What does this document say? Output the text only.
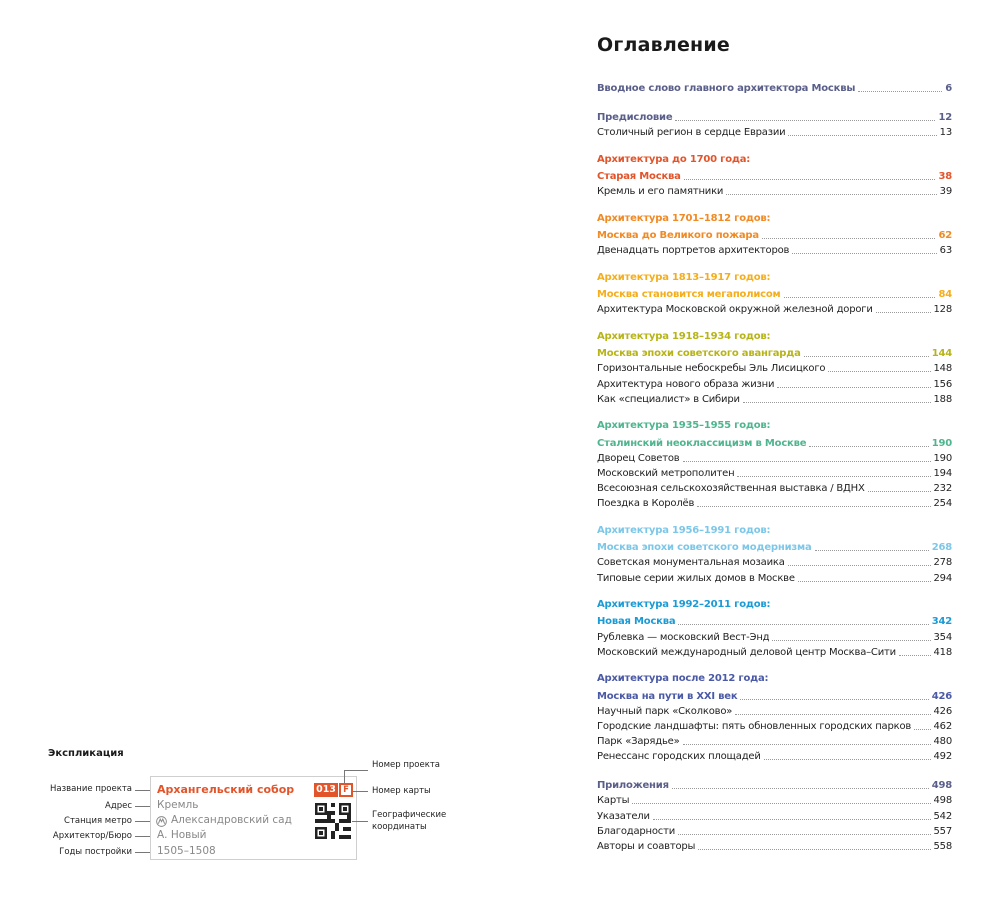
Оглавление
Вводное слово главного архитектора Москвы	6
Предисловие	12
Столичный регион в сердце Евразии	13
Архитектура до 1700 года:
Старая Москва	38
Кремль и его памятники	39
Архитектура 1701–1812 годов:
Москва до Великого пожара	62
Двенадцать портретов архитекторов	63
Архитектура 1813–1917 годов:
Москва становится мегаполисом	84
Архитектура Московской окружной железной дороги	128
Архитектура 1918–1934 годов:
Москва эпохи советского авангарда	144
Горизонтальные небоскребы Эль Лисицкого	148
Архитектура нового образа жизни	156
Как «специалист» в Сибири	188
Архитектура 1935–1955 годов:
Сталинский неоклассицизм в Москве	190
Дворец Советов	190
Московский метрополитен	194
Всесоюзная сельскохозяйственная выставка / ВДНХ	232
Поездка в Королёв	254
Архитектура 1956–1991 годов:
Москва эпохи советского модернизма	268
Советская монументальная мозаика	278
Типовые серии жилых домов в Москве	294
Архитектура 1992–2011 годов:
Новая Москва	342
Рублевка — московский Вест-Энд	354
Московский международный деловой центр Москва–Сити	418
Архитектура после 2012 года:
Москва на пути в XXI век	426
Научный парк «Сколково»	426
Городские ландшафты: пять обновленных городских парков 462
Парк «Зарядье»	480
Ренессанс городских площадей	492
Приложения	498
Карты	498
Указатели	542
Благодарности	557
Авторы и соавторы	558
Экспликация
Название проекта
Адрес
Станция метро
Архитектор/Бюро
Годы постройки
Архангельский собор
Кремль
Александровский сад
А. Новый
1505–1508
013 F
Номер проекта
Номер карты
Географические
координаты
